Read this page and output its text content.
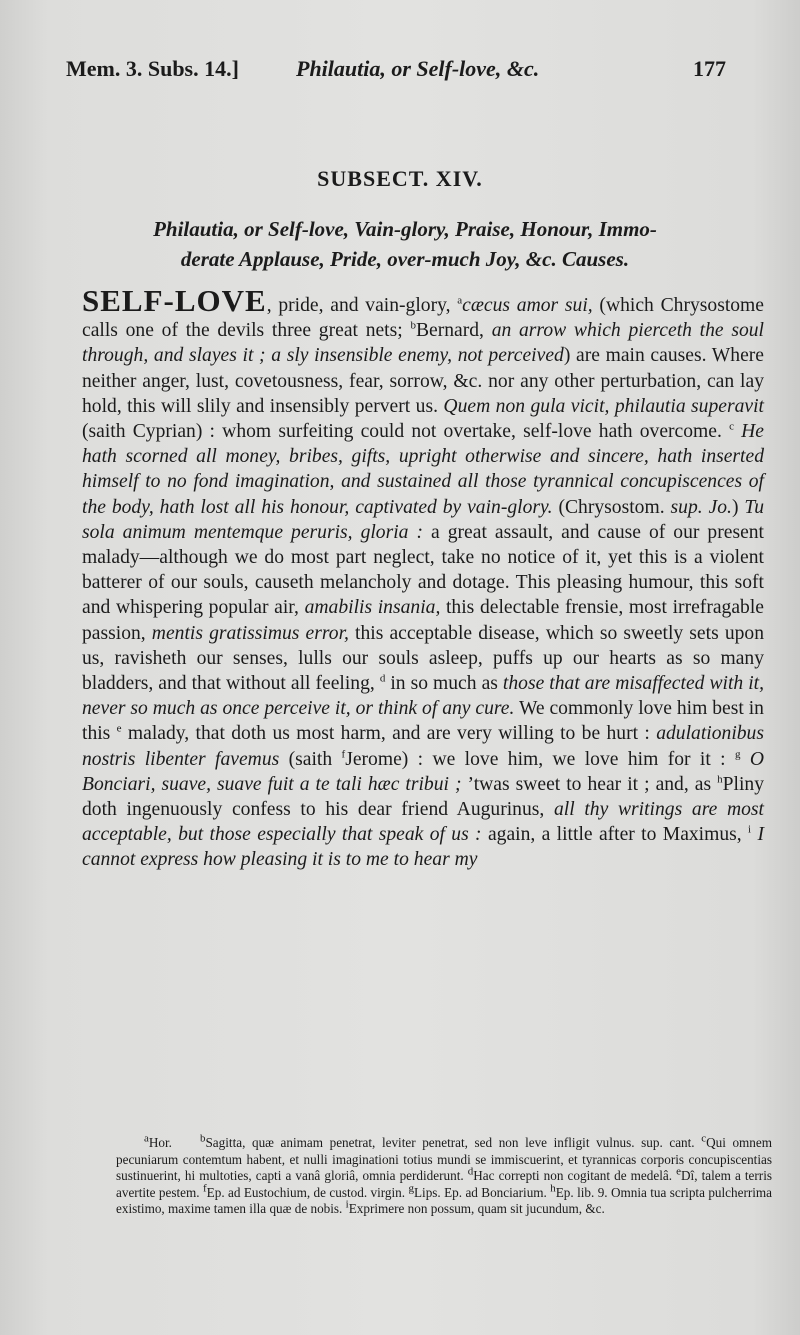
Mem. 3. Subs. 14.]	Philautia, or Self-love, &c.	177
SUBSECT. XIV.
Philautia, or Self-love, Vain-glory, Praise, Honour, Immo-
derate Applause, Pride, over-much Joy, &c. Causes.
SELF-LOVE, pride, and vain-glory, $^a$cæcus amor sui, (which Chrysostome calls one of the devils three great nets; $^b$Bernard, an arrow which pierceth the soul through, and slayes it ; a sly insensible enemy, not perceived) are main causes. Where neither anger, lust, covetousness, fear, sorrow, &c. nor any other perturbation, can lay hold, this will slily and insensibly pervert us. Quem non gula vicit, philautia superavit (saith Cyprian) : whom surfeiting could not overtake, self-love hath overcome. $^c$ He hath scorned all money, bribes, gifts, upright otherwise and sincere, hath inserted himself to no fond imagination, and sustained all those tyrannical concupiscences of the body, hath lost all his honour, captivated by vain-glory. (Chrysostom. sup. Jo.) Tu sola animum mentemque peruris, gloria : a great assault, and cause of our present malady—although we do most part neglect, take no notice of it, yet this is a violent batterer of our souls, causeth melancholy and dotage. This pleasing humour, this soft and whispering popular air, amabilis insania, this delectable frensie, most irrefragable passion, mentis gratissimus error, this acceptable disease, which so sweetly sets upon us, ravisheth our senses, lulls our souls asleep, puffs up our hearts as so many bladders, and that without all feeling, $^d$ in so much as those that are misaffected with it, never so much as once perceive it, or think of any cure. We commonly love him best in this $^e$ malady, that doth us most harm, and are very willing to be hurt : adulationibus nostris libenter favemus (saith $^f$Jerome) : we love him, we love him for it : $^g$ O Bonciari, suave, suave fuit a te tali hæc tribui ; ’twas sweet to hear it ; and, as $^h$Pliny doth ingenuously confess to his dear friend Augurinus, all thy writings are most acceptable, but those especially that speak of us : again, a little after to Maximus, $^i$ I cannot express how pleasing it is to me to hear my
$^a$Hor.	$^b$Sagitta, quæ animam penetrat, leviter penetrat, sed non leve infligit vulnus. sup. cant. $^c$Qui omnem pecuniarum contemtum habent, et nulli imaginationi totius mundi se immiscuerint, et tyrannicas corporis concupiscentias sustinuerint, hi multoties, capti a vanâ gloriâ, omnia perdiderunt. $^d$Hac correpti non cogitant de medelâ. $^e$Dî, talem a terris avertite pestem. $^f$Ep. ad Eustochium, de custod. virgin. $^g$Lips. Ep. ad Bonciarium. $^h$Ep. lib. 9. Omnia tua scripta pulcherrima existimo, maxime tamen illa quæ de nobis. $^i$Exprimere non possum, quam sit jucundum, &c.
